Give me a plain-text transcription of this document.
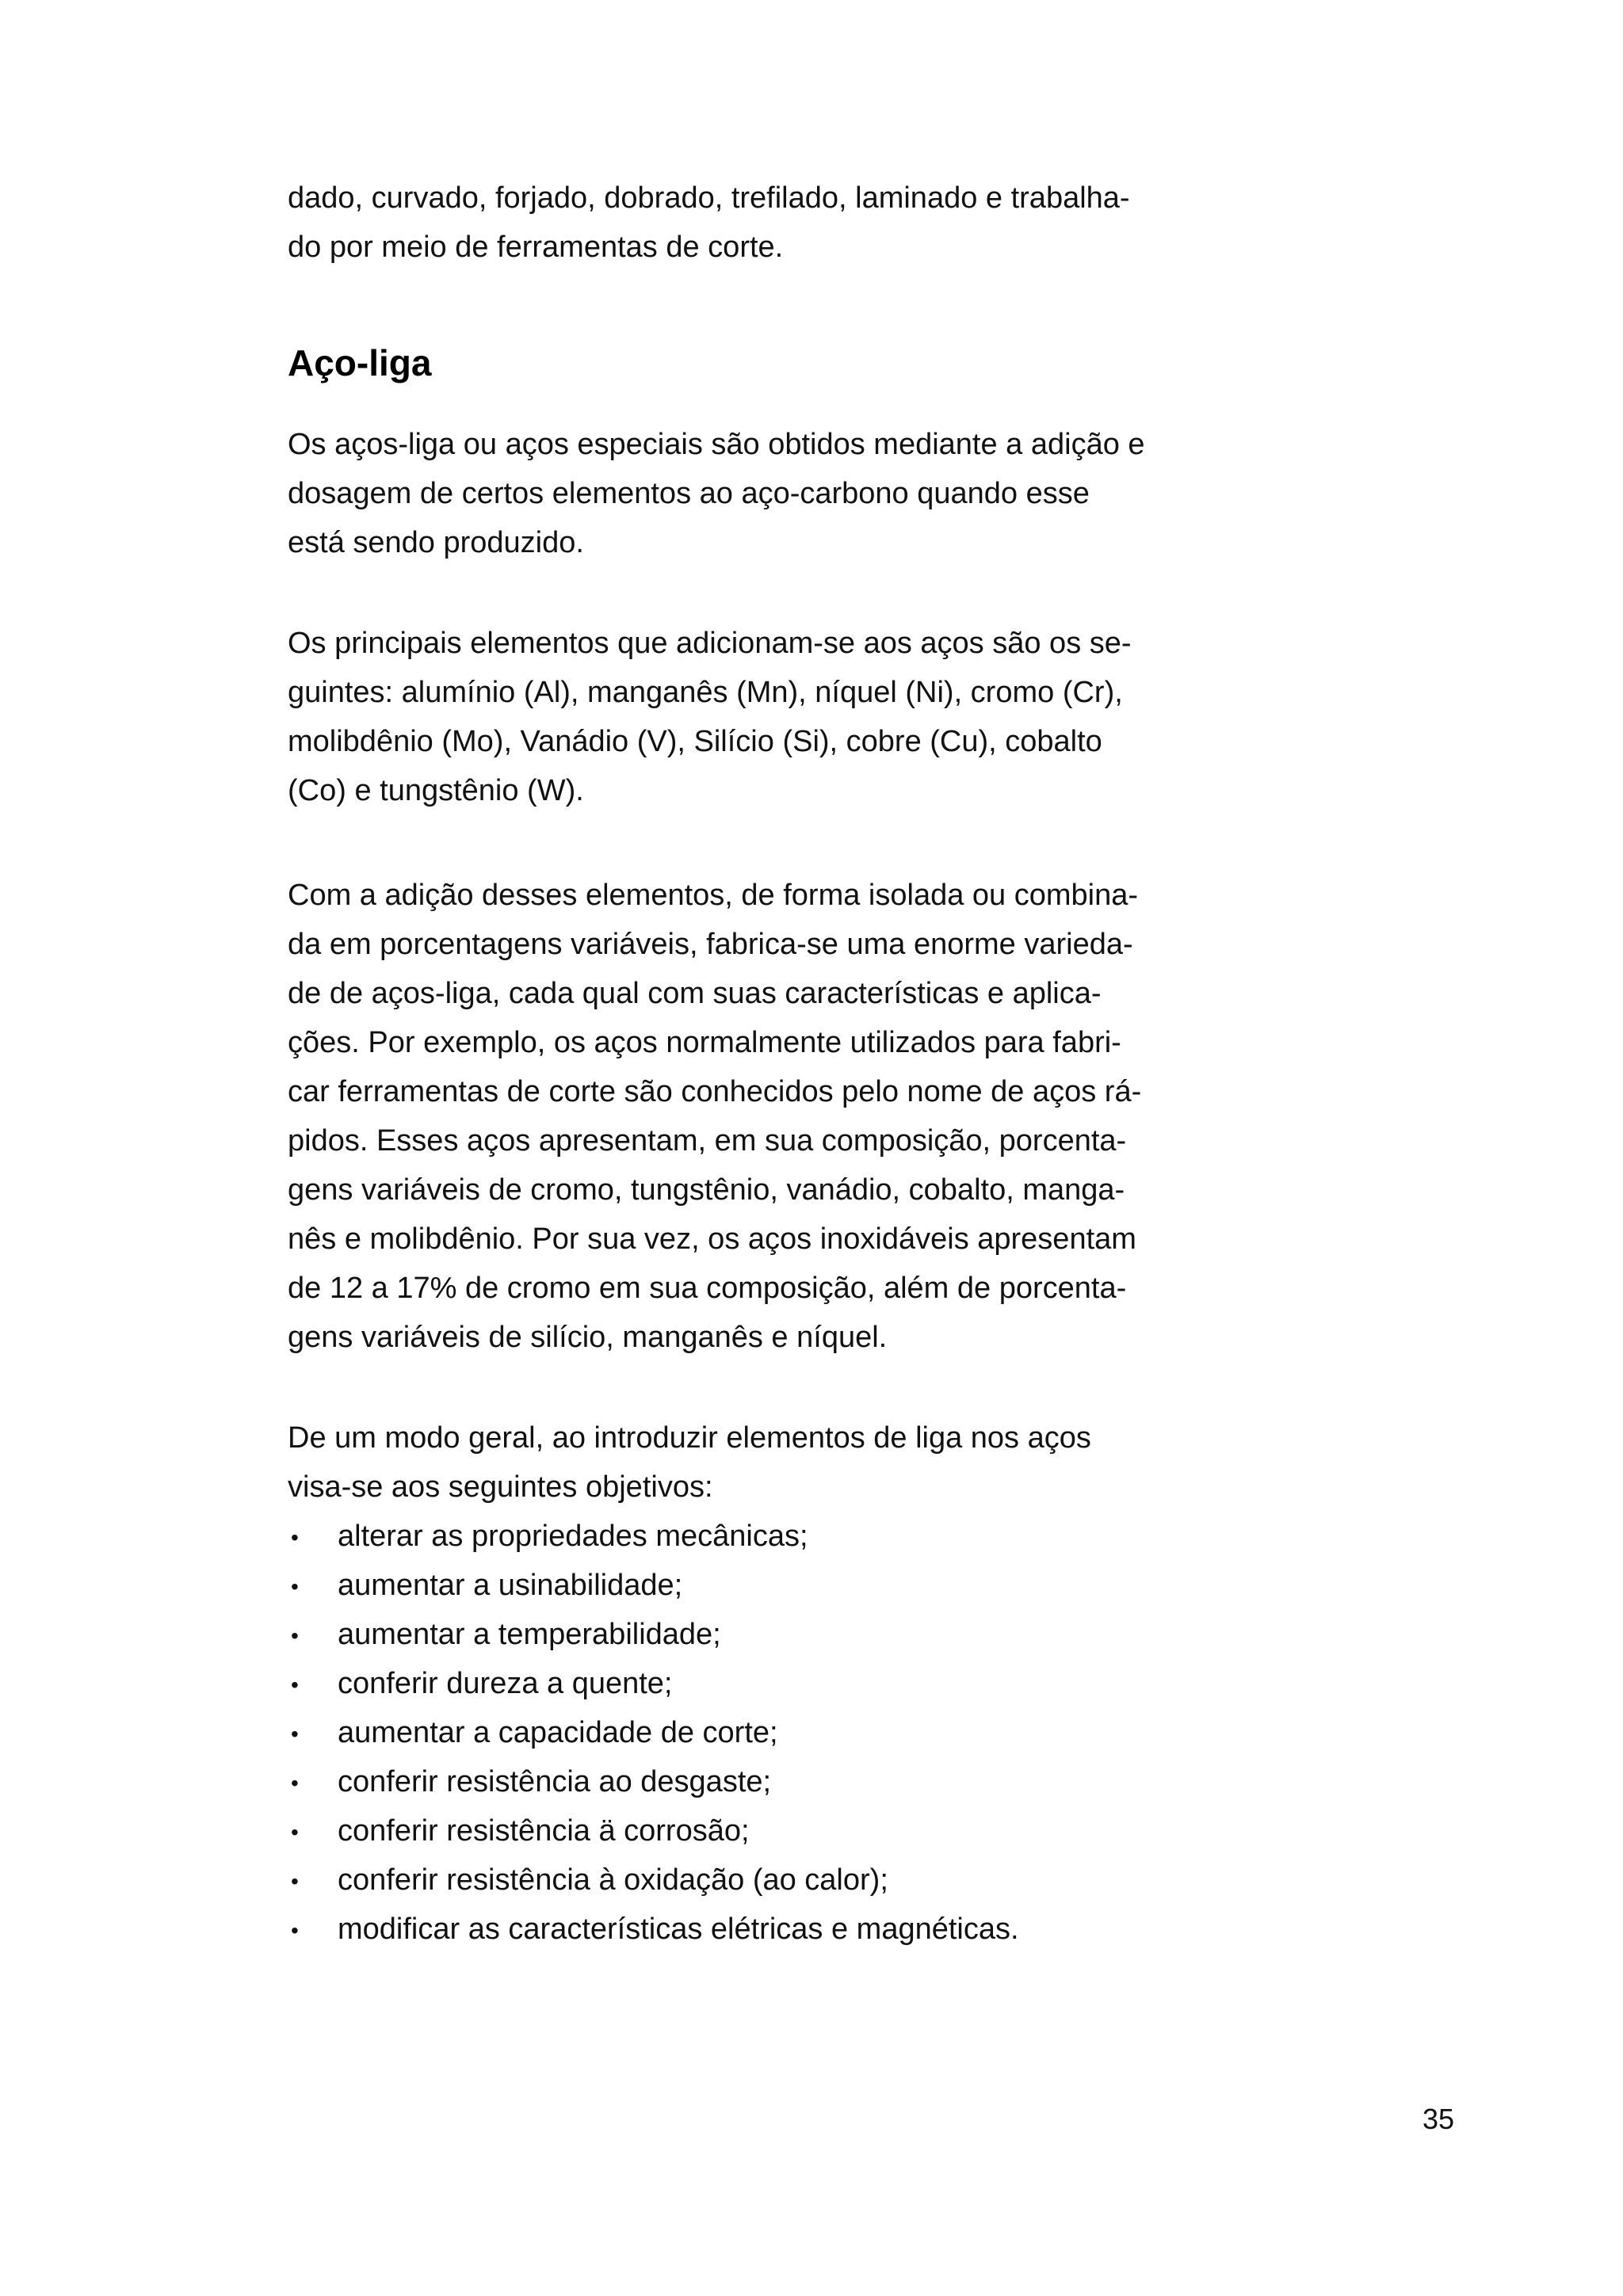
dado, curvado, forjado, dobrado, trefilado, laminado e trabalha-
do por meio de ferramentas de corte.
Aço-liga
Os aços-liga ou aços especiais são obtidos mediante a adição e
dosagem de certos elementos ao aço-carbono quando esse
está sendo produzido.
Os principais elementos que adicionam-se aos aços são os se-
guintes: alumínio (Al), manganês (Mn), níquel (Ni), cromo (Cr),
molibdênio (Mo), Vanádio (V), Silício (Si), cobre (Cu), cobalto
(Co) e tungstênio (W).
Com a adição desses elementos, de forma isolada ou combina-
da em porcentagens variáveis, fabrica-se uma enorme varieda-
de de aços-liga, cada qual com suas características e aplica-
ções. Por exemplo, os aços normalmente utilizados para fabri-
car ferramentas de corte são conhecidos pelo nome de aços rá-
pidos. Esses aços apresentam, em sua composição, porcenta-
gens variáveis de cromo, tungstênio, vanádio, cobalto, manga-
nês e molibdênio. Por sua vez, os aços inoxidáveis apresentam
de 12 a 17% de cromo em sua composição, além de porcenta-
gens variáveis de silício, manganês e níquel.
De um modo geral, ao introduzir elementos de liga nos aços
visa-se aos seguintes objetivos:
• alterar as propriedades mecânicas;
• aumentar a usinabilidade;
• aumentar a temperabilidade;
• conferir dureza a quente;
• aumentar a capacidade de corte;
• conferir resistência ao desgaste;
• conferir resistência ä corrosão;
• conferir resistência à oxidação (ao calor);
• modificar as características elétricas e magnéticas.
35
